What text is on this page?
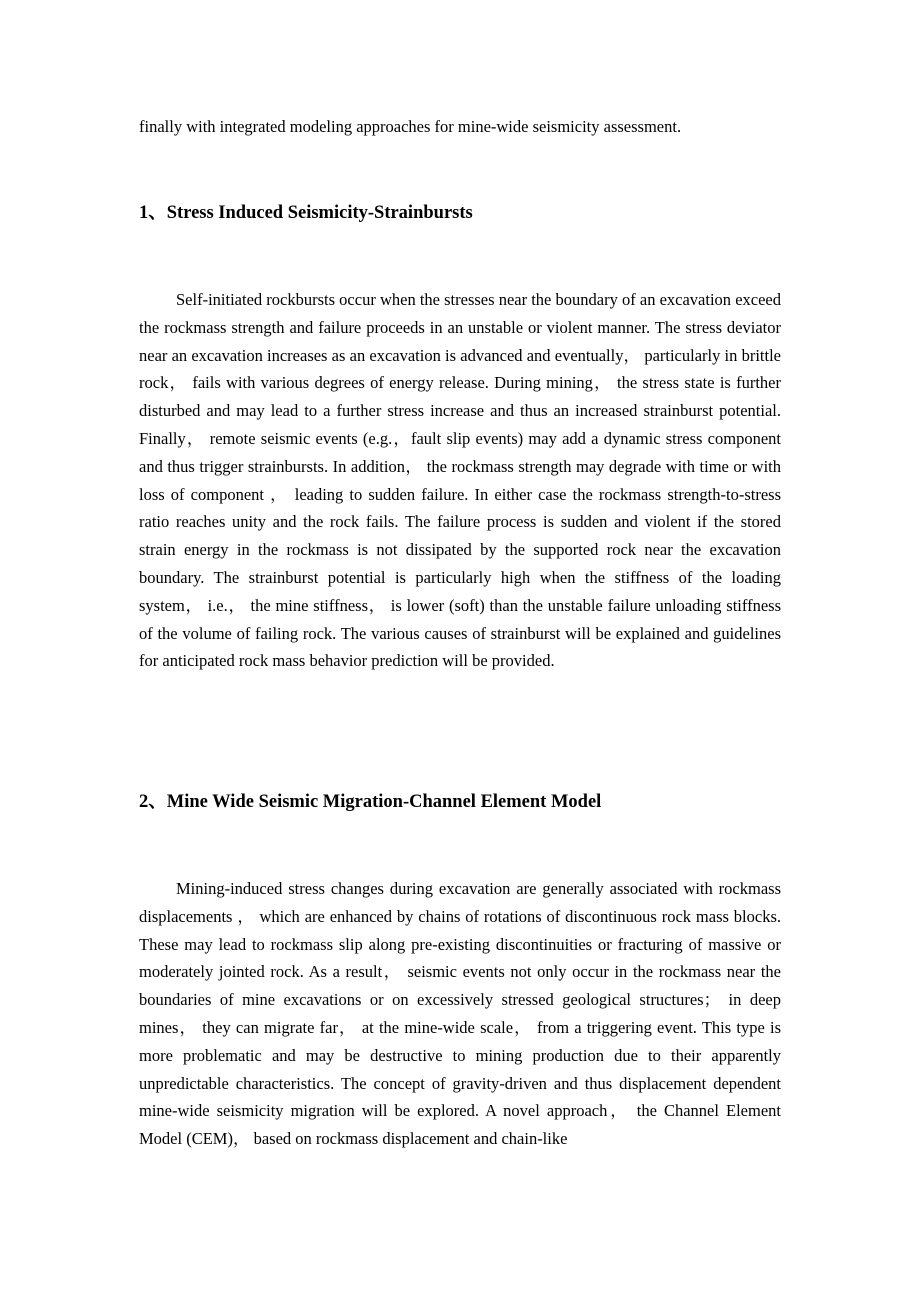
finally with integrated modeling approaches for mine-wide seismicity assessment.
1、Stress Induced Seismicity-Strainbursts
Self-initiated rockbursts occur when the stresses near the boundary of an excavation exceed the rockmass strength and failure proceeds in an unstable or violent manner. The stress deviator near an excavation increases as an excavation is advanced and eventually， particularly in brittle rock， fails with various degrees of energy release. During mining， the stress state is further disturbed and may lead to a further stress increase and thus an increased strainburst potential. Finally， remote seismic events (e.g.，fault slip events) may add a dynamic stress component and thus trigger strainbursts. In addition， the rockmass strength may degrade with time or with loss of component ， leading to sudden failure. In either case the rockmass strength-to-stress ratio reaches unity and the rock fails. The failure process is sudden and violent if the stored strain energy in the rockmass is not dissipated by the supported rock near the excavation boundary. The strainburst potential is particularly high when the stiffness of the loading system， i.e.， the mine stiffness， is lower (soft) than the unstable failure unloading stiffness of the volume of failing rock. The various causes of strainburst will be explained and guidelines for anticipated rock mass behavior prediction will be provided.
2、Mine Wide Seismic Migration-Channel Element Model
Mining-induced stress changes during excavation are generally associated with rockmass displacements ， which are enhanced by chains of rotations of discontinuous rock mass blocks. These may lead to rockmass slip along pre-existing discontinuities or fracturing of massive or moderately jointed rock. As a result， seismic events not only occur in the rockmass near the boundaries of mine excavations or on excessively stressed geological structures； in deep mines， they can migrate far， at the mine-wide scale， from a triggering event. This type is more problematic and may be destructive to mining production due to their apparently unpredictable characteristics. The concept of gravity-driven and thus displacement dependent mine-wide seismicity migration will be explored. A novel approach， the Channel Element Model (CEM)， based on rockmass displacement and chain-like
